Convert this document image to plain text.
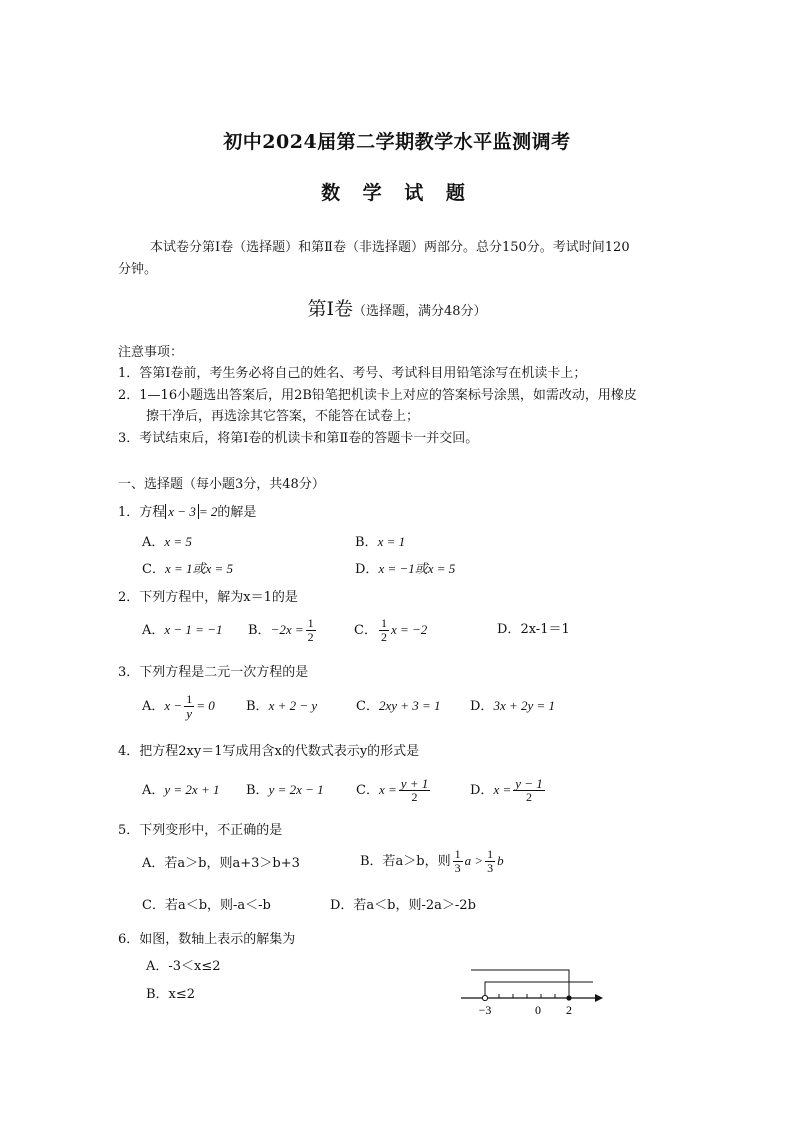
初中2024届第二学期教学水平监测调考
数 学 试 题
本试卷分第Ⅰ卷（选择题）和第Ⅱ卷（非选择题）两部分。总分150分。考试时间120
分钟。
第Ⅰ卷（选择题，满分48分）
注意事项：
1．答第Ⅰ卷前，考生务必将自己的姓名、考号、考试科目用铅笔涂写在机读卡上；
2．1—16小题选出答案后，用2B铅笔把机读卡上对应的答案标号涂黑，如需改动，用橡皮
擦干净后，再选涂其它答案，不能答在试卷上；
3．考试结束后，将第Ⅰ卷的机读卡和第Ⅱ卷的答题卡一并交回。
一、选择题（每小题3分，共48分）
1．方程 x − 3 = 2的解是
A．x = 5	B．x = 1
C．x = 1或x = 5	D．x = −1或x = 5
2．下列方程中，解为x＝1的是
A．x − 1 = −1 B．$-2x = \frac{1}{2}$	C． $\frac{1}{2}$ x = −2	D．2x-1＝1
3．下列方程是二元一次方程的是
A．$x - \frac{1}{y} = 0$ B．x + 2 − y	C．2xy + 3 = 1 D．3x + 2y = 1
4．把方程2xy＝1写成用含x的代数式表示y的形式是
A．y = 2x + 1 B．y = 2x − 1 C．$x = \frac{y + 1}{2}$	D．$x = \frac{y - 1}{2}$
5．下列变形中，不正确的是
A．若a＞b，则a+3＞b+3	B．若a＞b，则 $\frac{1}{3}$ $a > \frac{1}{3}$ b
C．若a＜b，则-a＜-b	D．若a＜b，则-2a＞-2b
6．如图，数轴上表示的解集为
A．-3＜x≤2
B．x≤2
−3	0 2
